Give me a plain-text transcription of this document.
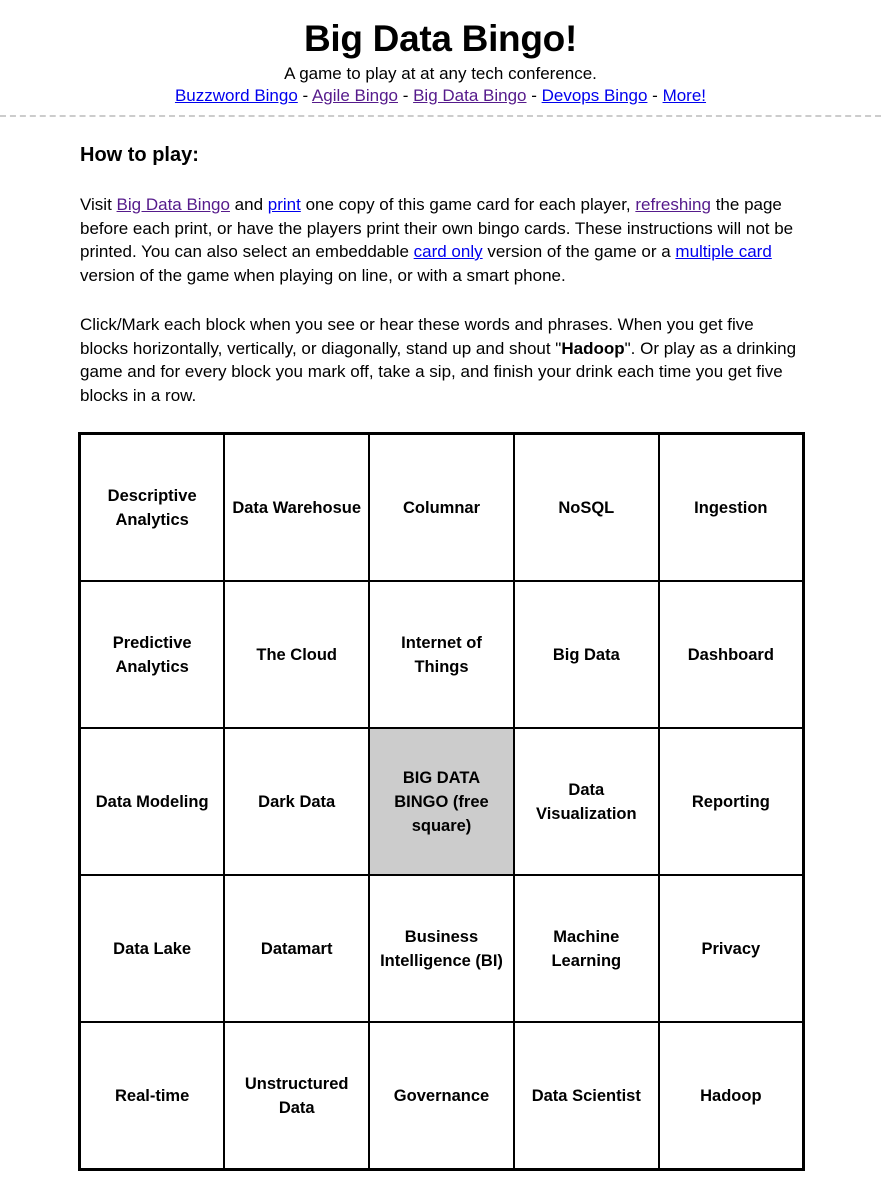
Big Data Bingo!

A game to play at at any tech conference.

Buzzword Bingo - Agile Bingo - Big Data Bingo - Devops Bingo - More!

How to play:

Visit Big Data Bingo and print one copy of this game card for each player, refreshing the page before each print, or have the players print their own bingo cards. These instructions will not be printed. You can also select an embeddable card only version of the game or a multiple card version of the game when playing on line, or with a smart phone.

Click/Mark each block when you see or hear these words and phrases. When you get five blocks horizontally, vertically, or diagonally, stand up and shout "Hadoop". Or play as a drinking game and for every block you mark off, take a sip, and finish your drink each time you get five blocks in a row.

Descriptive Analytics	Data Warehosue	Columnar	NoSQL	Ingestion

Predictive Analytics	The Cloud	Internet of Things	Big Data	Dashboard

Data Modeling	Dark Data	BIG DATA BINGO (free square)	Data Visualization	Reporting

Data Lake	Datamart	Business Intelligence (BI)	Machine Learning	Privacy

Real-time	Unstructured Data	Governance	Data Scientist	Hadoop
